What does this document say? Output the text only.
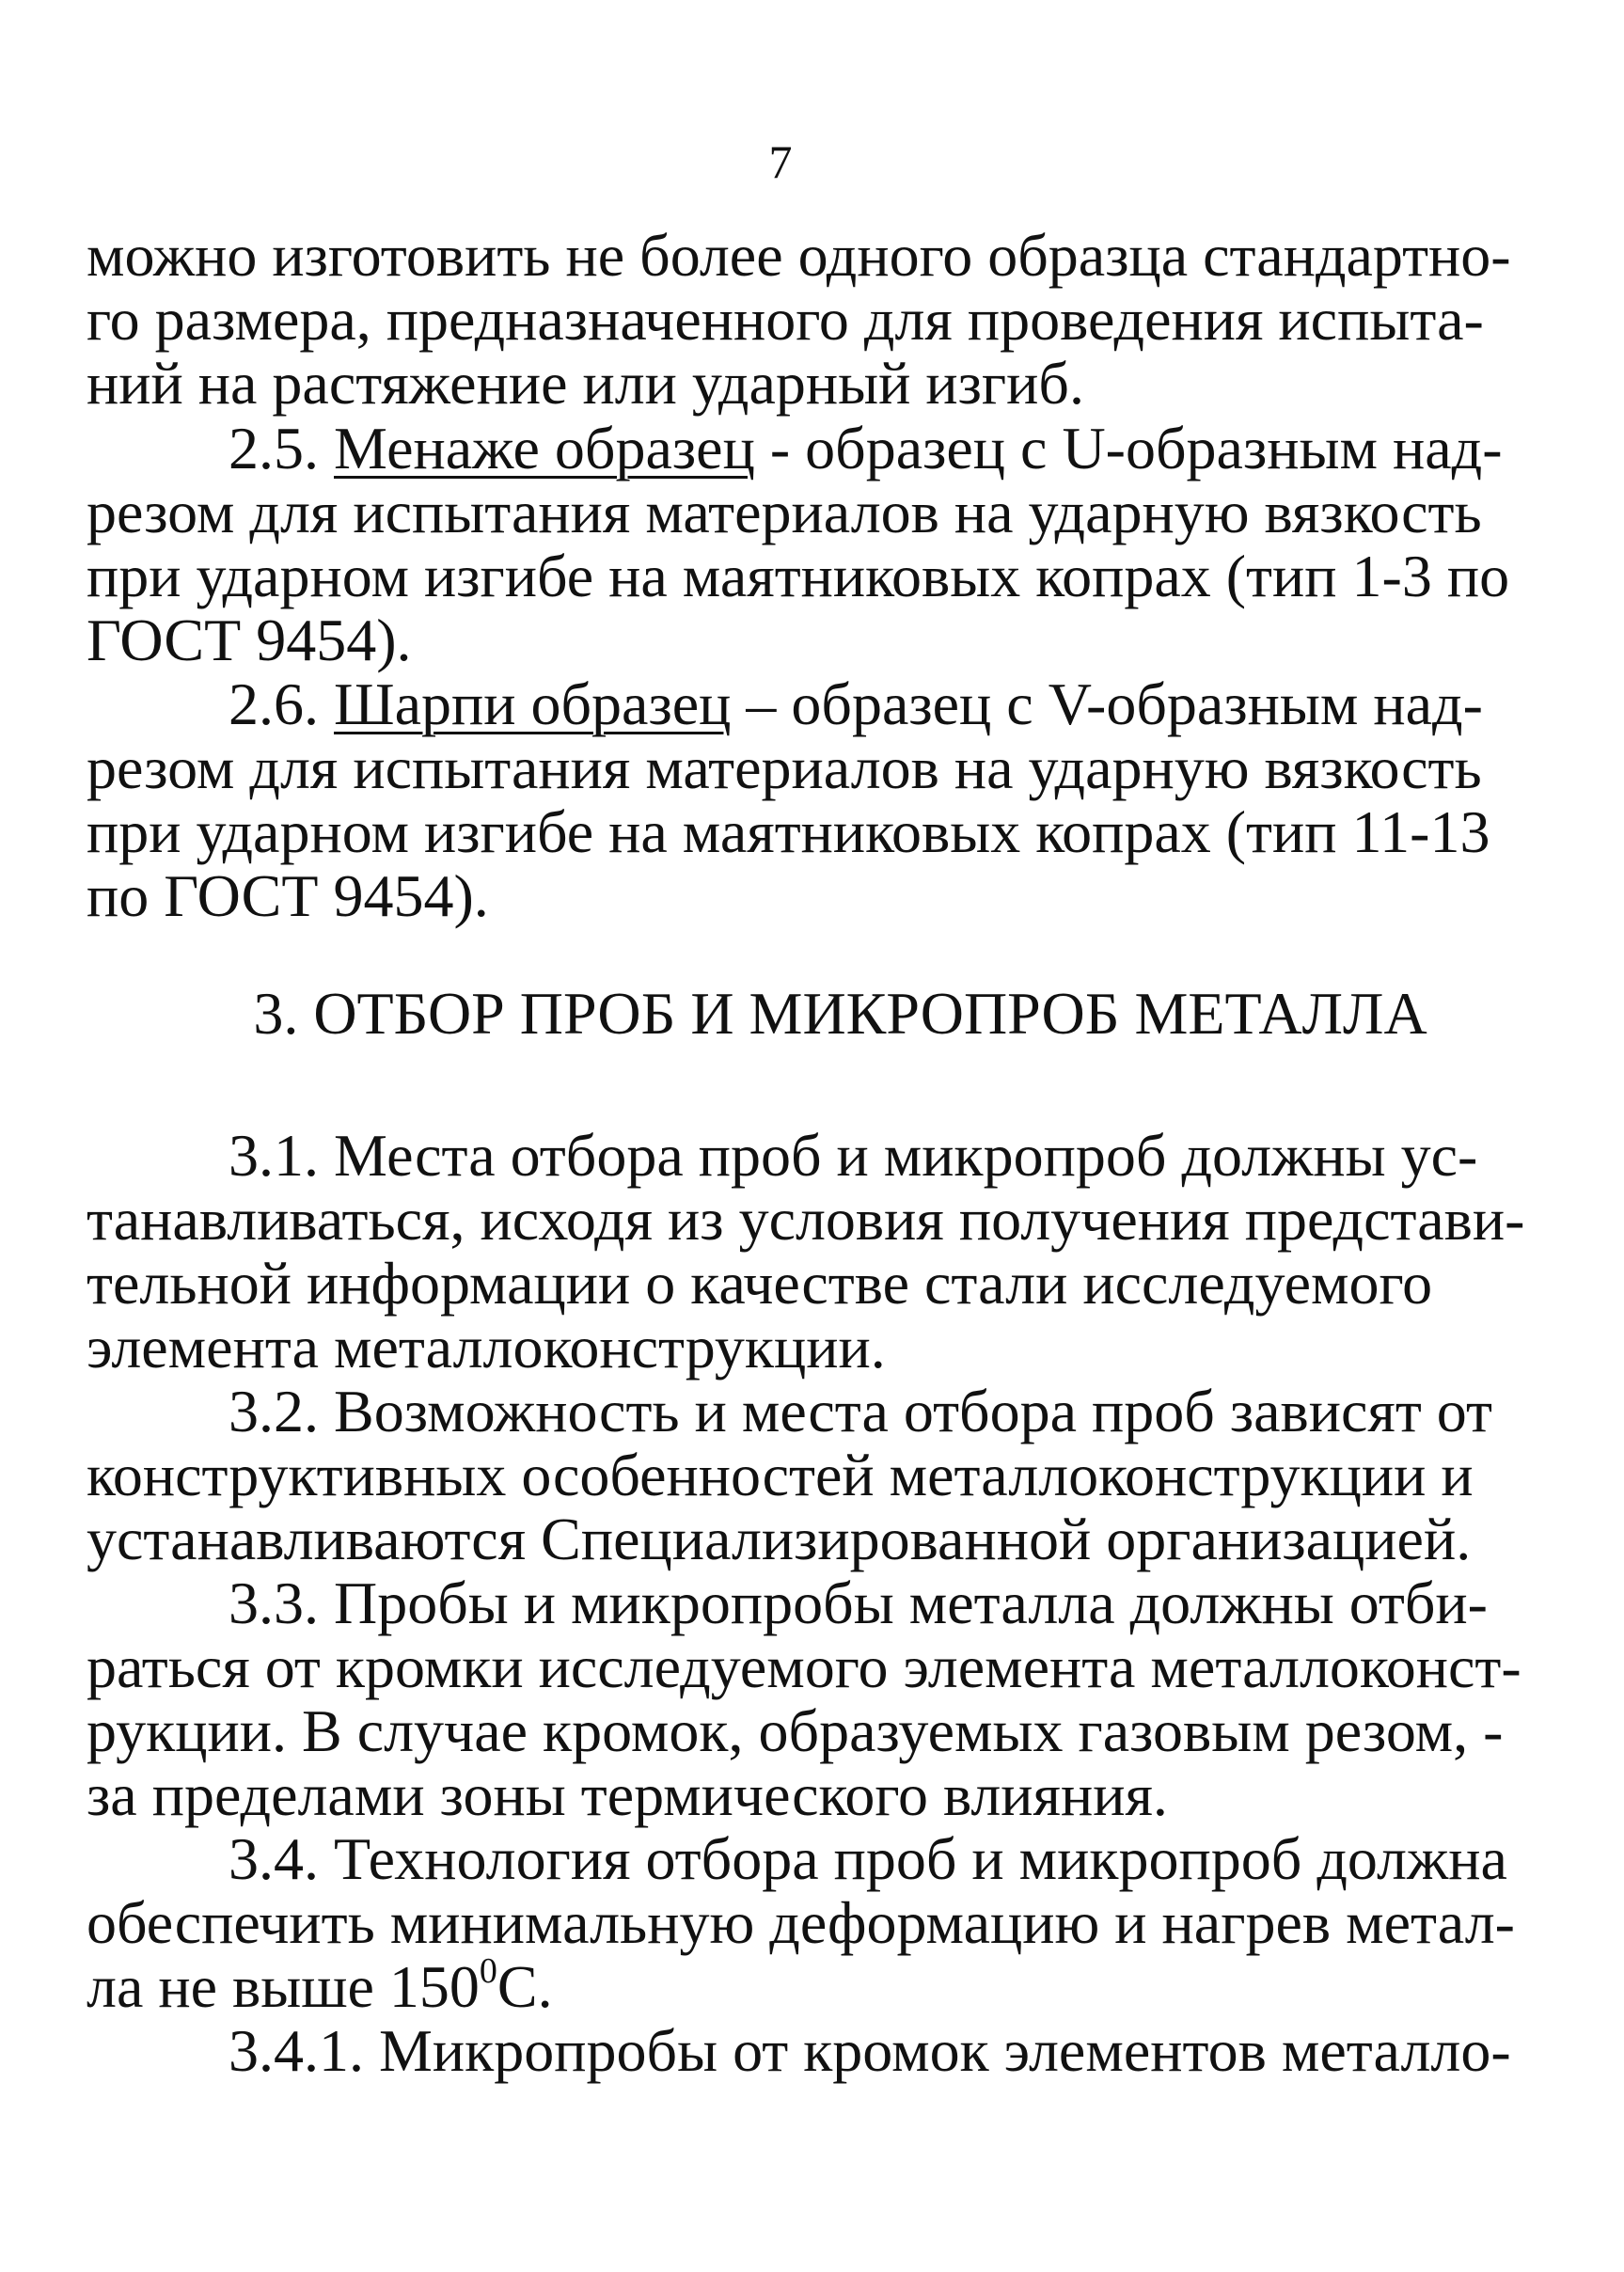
7
можно изготовить не более одного образца стандартно-
го размера, предназначенного для проведения испыта-
ний на растяжение или ударный изгиб.
2.5. Менаже образец - образец с U-образным над-
резом для испытания материалов на ударную вязкость
при ударном изгибе на маятниковых копрах (тип 1-3 по
ГОСТ 9454).
2.6. Шарпи образец – образец с V-образным над-
резом для испытания материалов на ударную вязкость
при ударном изгибе на маятниковых копрах (тип 11-13
по ГОСТ 9454).
3. ОТБОР ПРОБ И МИКРОПРОБ МЕТАЛЛА
3.1. Места отбора проб и микропроб должны ус-
танавливаться, исходя из условия получения представи-
тельной информации о качестве стали исследуемого
элемента металлоконструкции.
3.2. Возможность и места отбора проб зависят от
конструктивных особенностей металлоконструкции и
устанавливаются Специализированной организацией.
3.3. Пробы и микропробы металла должны отби-
раться от кромки исследуемого элемента металлоконст-
рукции. В случае кромок, образуемых газовым резом, -
за пределами зоны термического влияния.
3.4. Технология отбора проб и микропроб должна
обеспечить минимальную деформацию и нагрев метал-
ла не выше $150^0С$.
3.4.1. Микропробы от кромок элементов металло-
